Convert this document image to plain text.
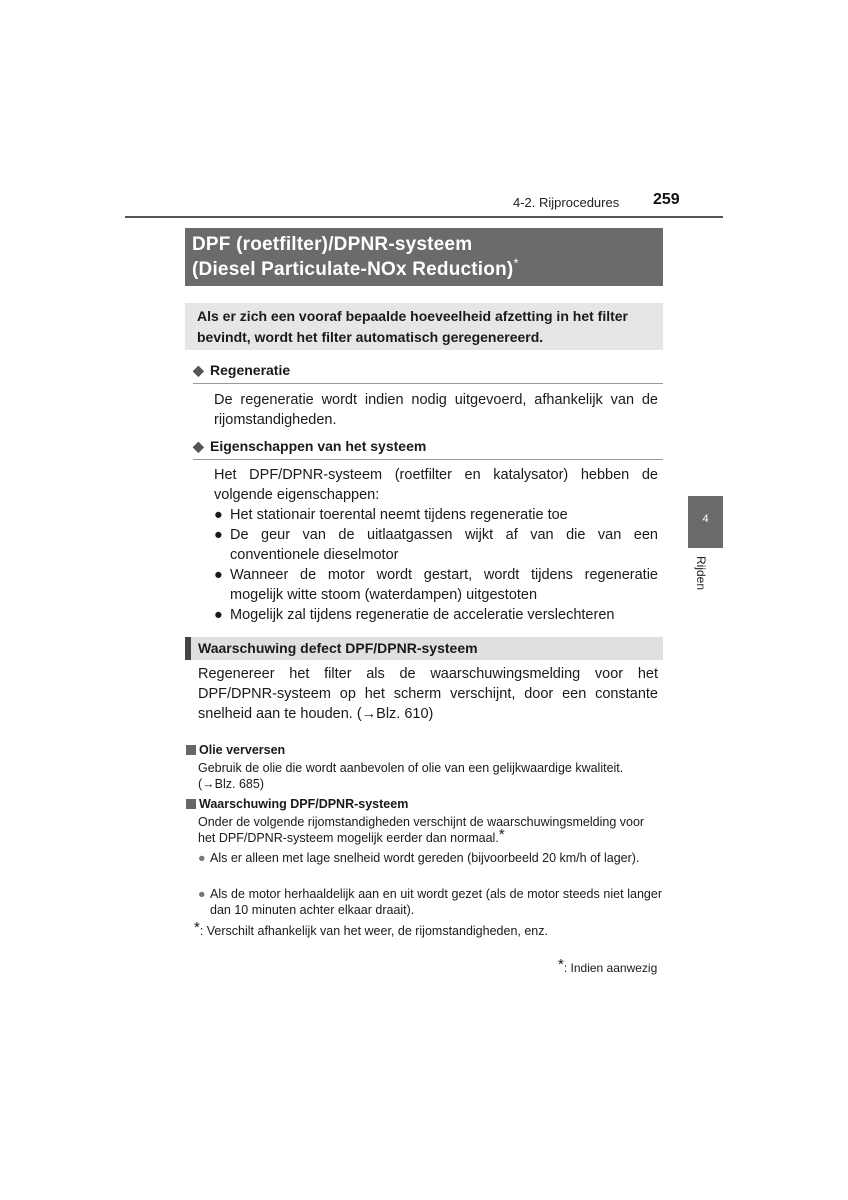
4-2. Rijprocedures 259
DPF (roetfilter)/DPNR-systeem
(Diesel Particulate-NOx Reduction)*
Als er zich een vooraf bepaalde hoeveelheid afzetting in het filter bevindt, wordt het filter automatisch geregenereerd.
◆ Regeneratie
De regeneratie wordt indien nodig uitgevoerd, afhankelijk van de rijomstandigheden.
◆ Eigenschappen van het systeem
Het DPF/DPNR-systeem (roetfilter en katalysator) hebben de volgende eigenschappen:
● Het stationair toerental neemt tijdens regeneratie toe
● De geur van de uitlaatgassen wijkt af van die van een conventionele dieselmotor
● Wanneer de motor wordt gestart, wordt tijdens regeneratie mogelijk witte stoom (waterdampen) uitgestoten
● Mogelijk zal tijdens regeneratie de acceleratie verslechteren
Waarschuwing defect DPF/DPNR-systeem
Regenereer het filter als de waarschuwingsmelding voor het DPF/DPNR-systeem op het scherm verschijnt, door een constante snelheid aan te houden. (→Blz. 610)
Olie verversen
Gebruik de olie die wordt aanbevolen of olie van een gelijkwaardige kwaliteit. (→Blz. 685)
Waarschuwing DPF/DPNR-systeem
Onder de volgende rijomstandigheden verschijnt de waarschuwingsmelding voor het DPF/DPNR-systeem mogelijk eerder dan normaal.*
● Als er alleen met lage snelheid wordt gereden (bijvoorbeeld 20 km/h of lager).
● Als de motor herhaaldelijk aan en uit wordt gezet (als de motor steeds niet langer dan 10 minuten achter elkaar draait).
*: Verschilt afhankelijk van het weer, de rijomstandigheden, enz.
*: Indien aanwezig
4
Rijden
